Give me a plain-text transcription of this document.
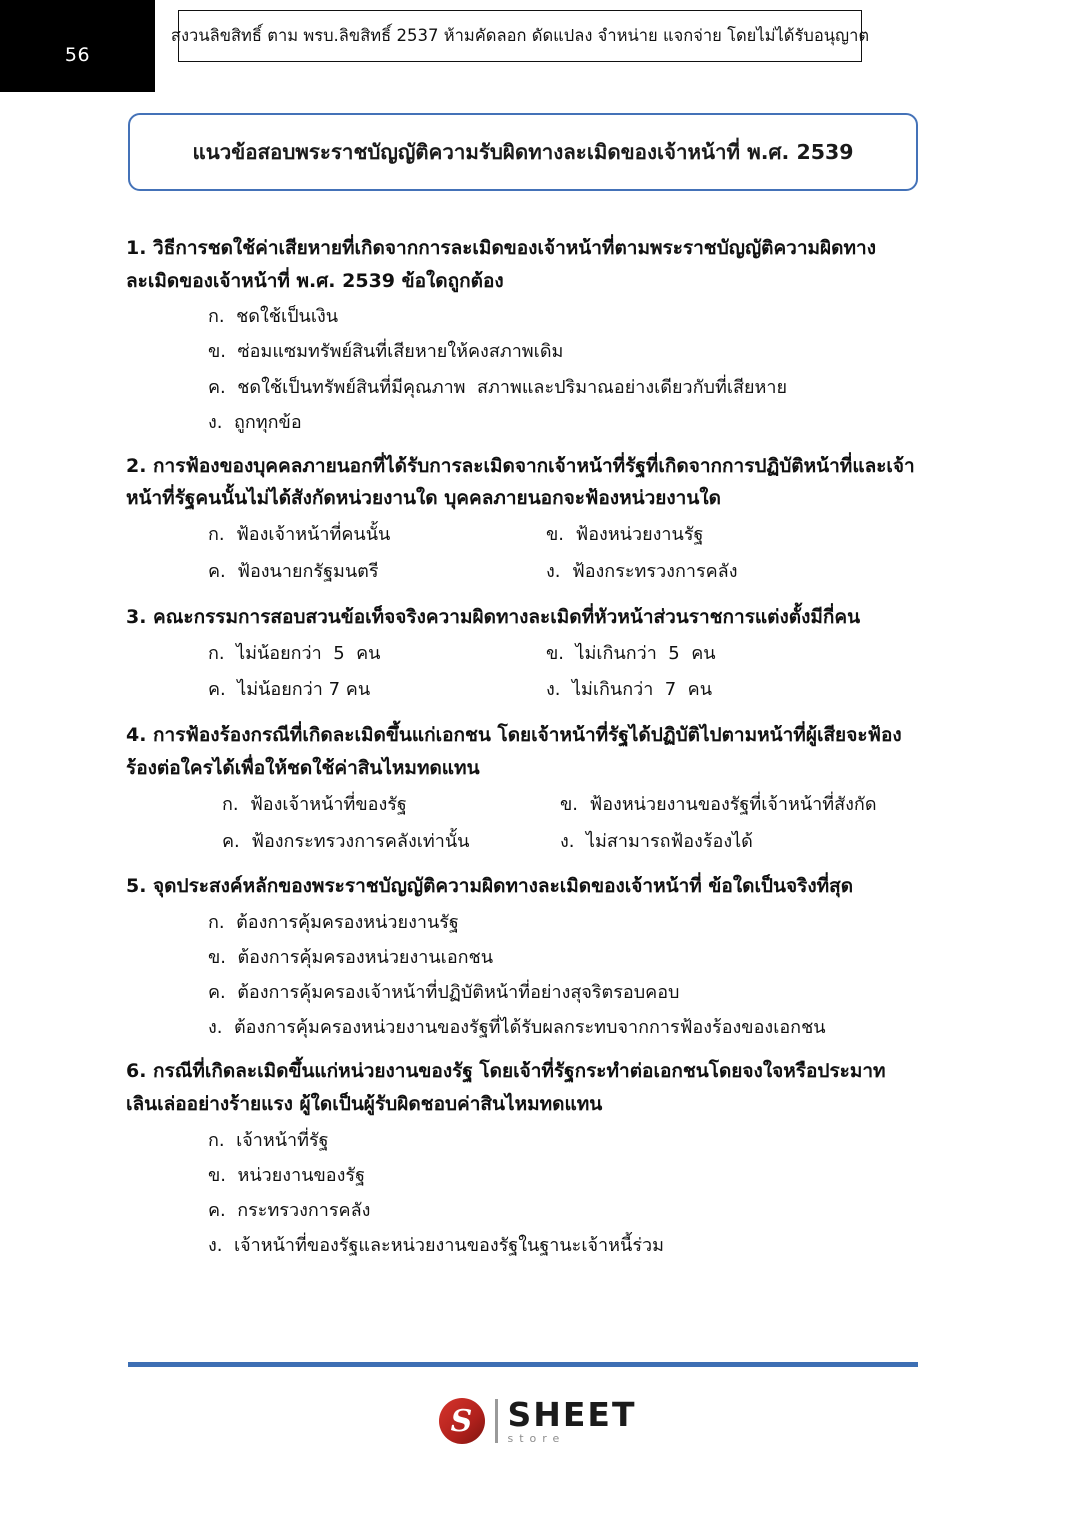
56
สงวนลิขสิทธิ์ ตาม พรบ.ลิขสิทธิ์ 2537 ห้ามคัดลอก ดัดแปลง จำหน่าย แจกจ่าย โดยไม่ได้รับอนุญาต
แนวข้อสอบพระราชบัญญัติความรับผิดทางละเมิดของเจ้าหน้าที่ พ.ศ. 2539

1. วิธีการชดใช้ค่าเสียหายที่เกิดจากการละเมิดของเจ้าหน้าที่ตามพระราชบัญญัติความผิดทางละเมิดของเจ้าหน้าที่ พ.ศ. 2539 ข้อใดถูกต้อง

ก.  ชดใช้เป็นเงิน
ข.  ซ่อมแซมทรัพย์สินที่เสียหายให้คงสภาพเดิม
ค.  ชดใช้เป็นทรัพย์สินที่มีคุณภาพ  สภาพและปริมาณอย่างเดียวกับที่เสียหาย
ง.  ถูกทุกข้อ

2. การฟ้องของบุคคลภายนอกที่ได้รับการละเมิดจากเจ้าหน้าที่รัฐที่เกิดจากการปฏิบัติหน้าที่และเจ้าหน้าที่รัฐคนนั้นไม่ได้สังกัดหน่วยงานใด บุคคลภายนอกจะฟ้องหน่วยงานใด

ก.  ฟ้องเจ้าหน้าที่คนนั้น	ข.  ฟ้องหน่วยงานรัฐ
ค.  ฟ้องนายกรัฐมนตรี	ง.  ฟ้องกระทรวงการคลัง

3. คณะกรรมการสอบสวนข้อเท็จจริงความผิดทางละเมิดที่หัวหน้าส่วนราชการแต่งตั้งมีกี่คน

ก.  ไม่น้อยกว่า  5  คน	ข.  ไม่เกินกว่า  5  คน
ค.  ไม่น้อยกว่า 7 คน	ง.  ไม่เกินกว่า  7  คน

4. การฟ้องร้องกรณีที่เกิดละเมิดขึ้นแก่เอกชน โดยเจ้าหน้าที่รัฐได้ปฏิบัติไปตามหน้าที่ผู้เสียจะฟ้องร้องต่อใครได้เพื่อให้ชดใช้ค่าสินไหมทดแทน

ก.  ฟ้องเจ้าหน้าที่ของรัฐ	ข.  ฟ้องหน่วยงานของรัฐที่เจ้าหน้าที่สังกัด
ค.  ฟ้องกระทรวงการคลังเท่านั้น	ง.  ไม่สามารถฟ้องร้องได้

5. จุดประสงค์หลักของพระราชบัญญัติความผิดทางละเมิดของเจ้าหน้าที่ ข้อใดเป็นจริงที่สุด

ก.  ต้องการคุ้มครองหน่วยงานรัฐ
ข.  ต้องการคุ้มครองหน่วยงานเอกชน
ค.  ต้องการคุ้มครองเจ้าหน้าที่ปฏิบัติหน้าที่อย่างสุจริตรอบคอบ
ง.  ต้องการคุ้มครองหน่วยงานของรัฐที่ได้รับผลกระทบจากการฟ้องร้องของเอกชน

6. กรณีที่เกิดละเมิดขึ้นแก่หน่วยงานของรัฐ โดยเจ้าที่รัฐกระทำต่อเอกชนโดยจงใจหรือประมาทเลินเล่ออย่างร้ายแรง ผู้ใดเป็นผู้รับผิดชอบค่าสินไหมทดแทน

ก.  เจ้าหน้าที่รัฐ
ข.  หน่วยงานของรัฐ
ค.  กระทรวงการคลัง
ง.  เจ้าหน้าที่ของรัฐและหน่วยงานของรัฐในฐานะเจ้าหนี้ร่วม
S	SHEET
store
